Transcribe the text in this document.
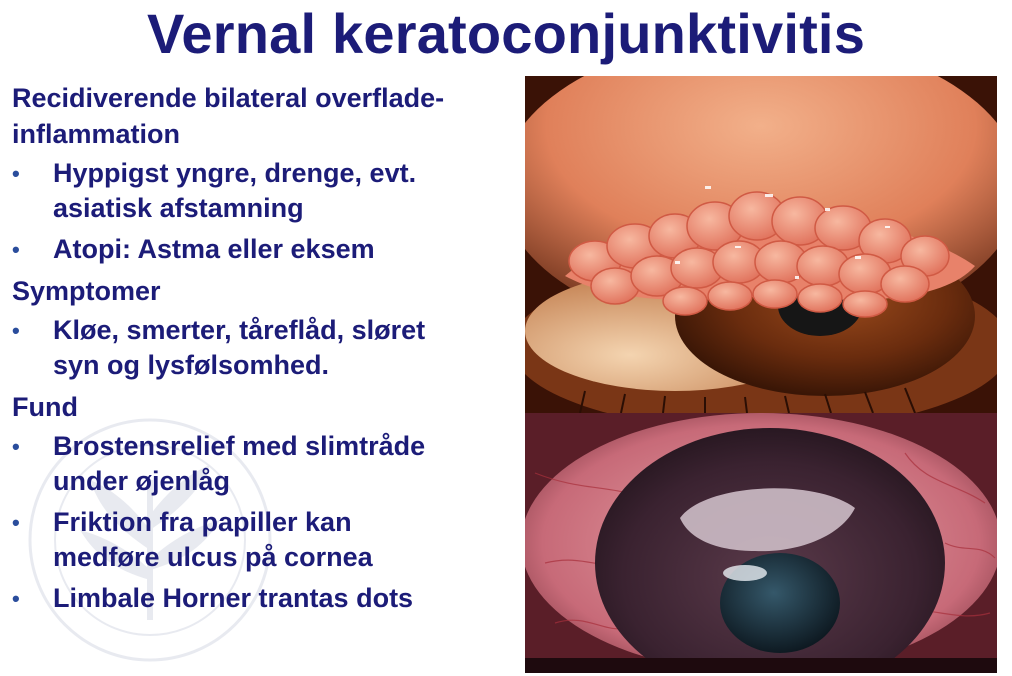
Vernal keratoconjunktivitis
Recidiverende bilateral overflade-
inflammation
•	Hyppigst yngre, drenge, evt.
asiatisk afstamning
•	Atopi: Astma eller eksem
Symptomer
•	Kløe, smerter, tåreflåd, sløret
syn og lysfølsomhed.
Fund
•	Brostensrelief med slimtråde
under øjenlåg
•	Friktion fra papiller kan
medføre ulcus på cornea
•	Limbale Horner trantas dots
